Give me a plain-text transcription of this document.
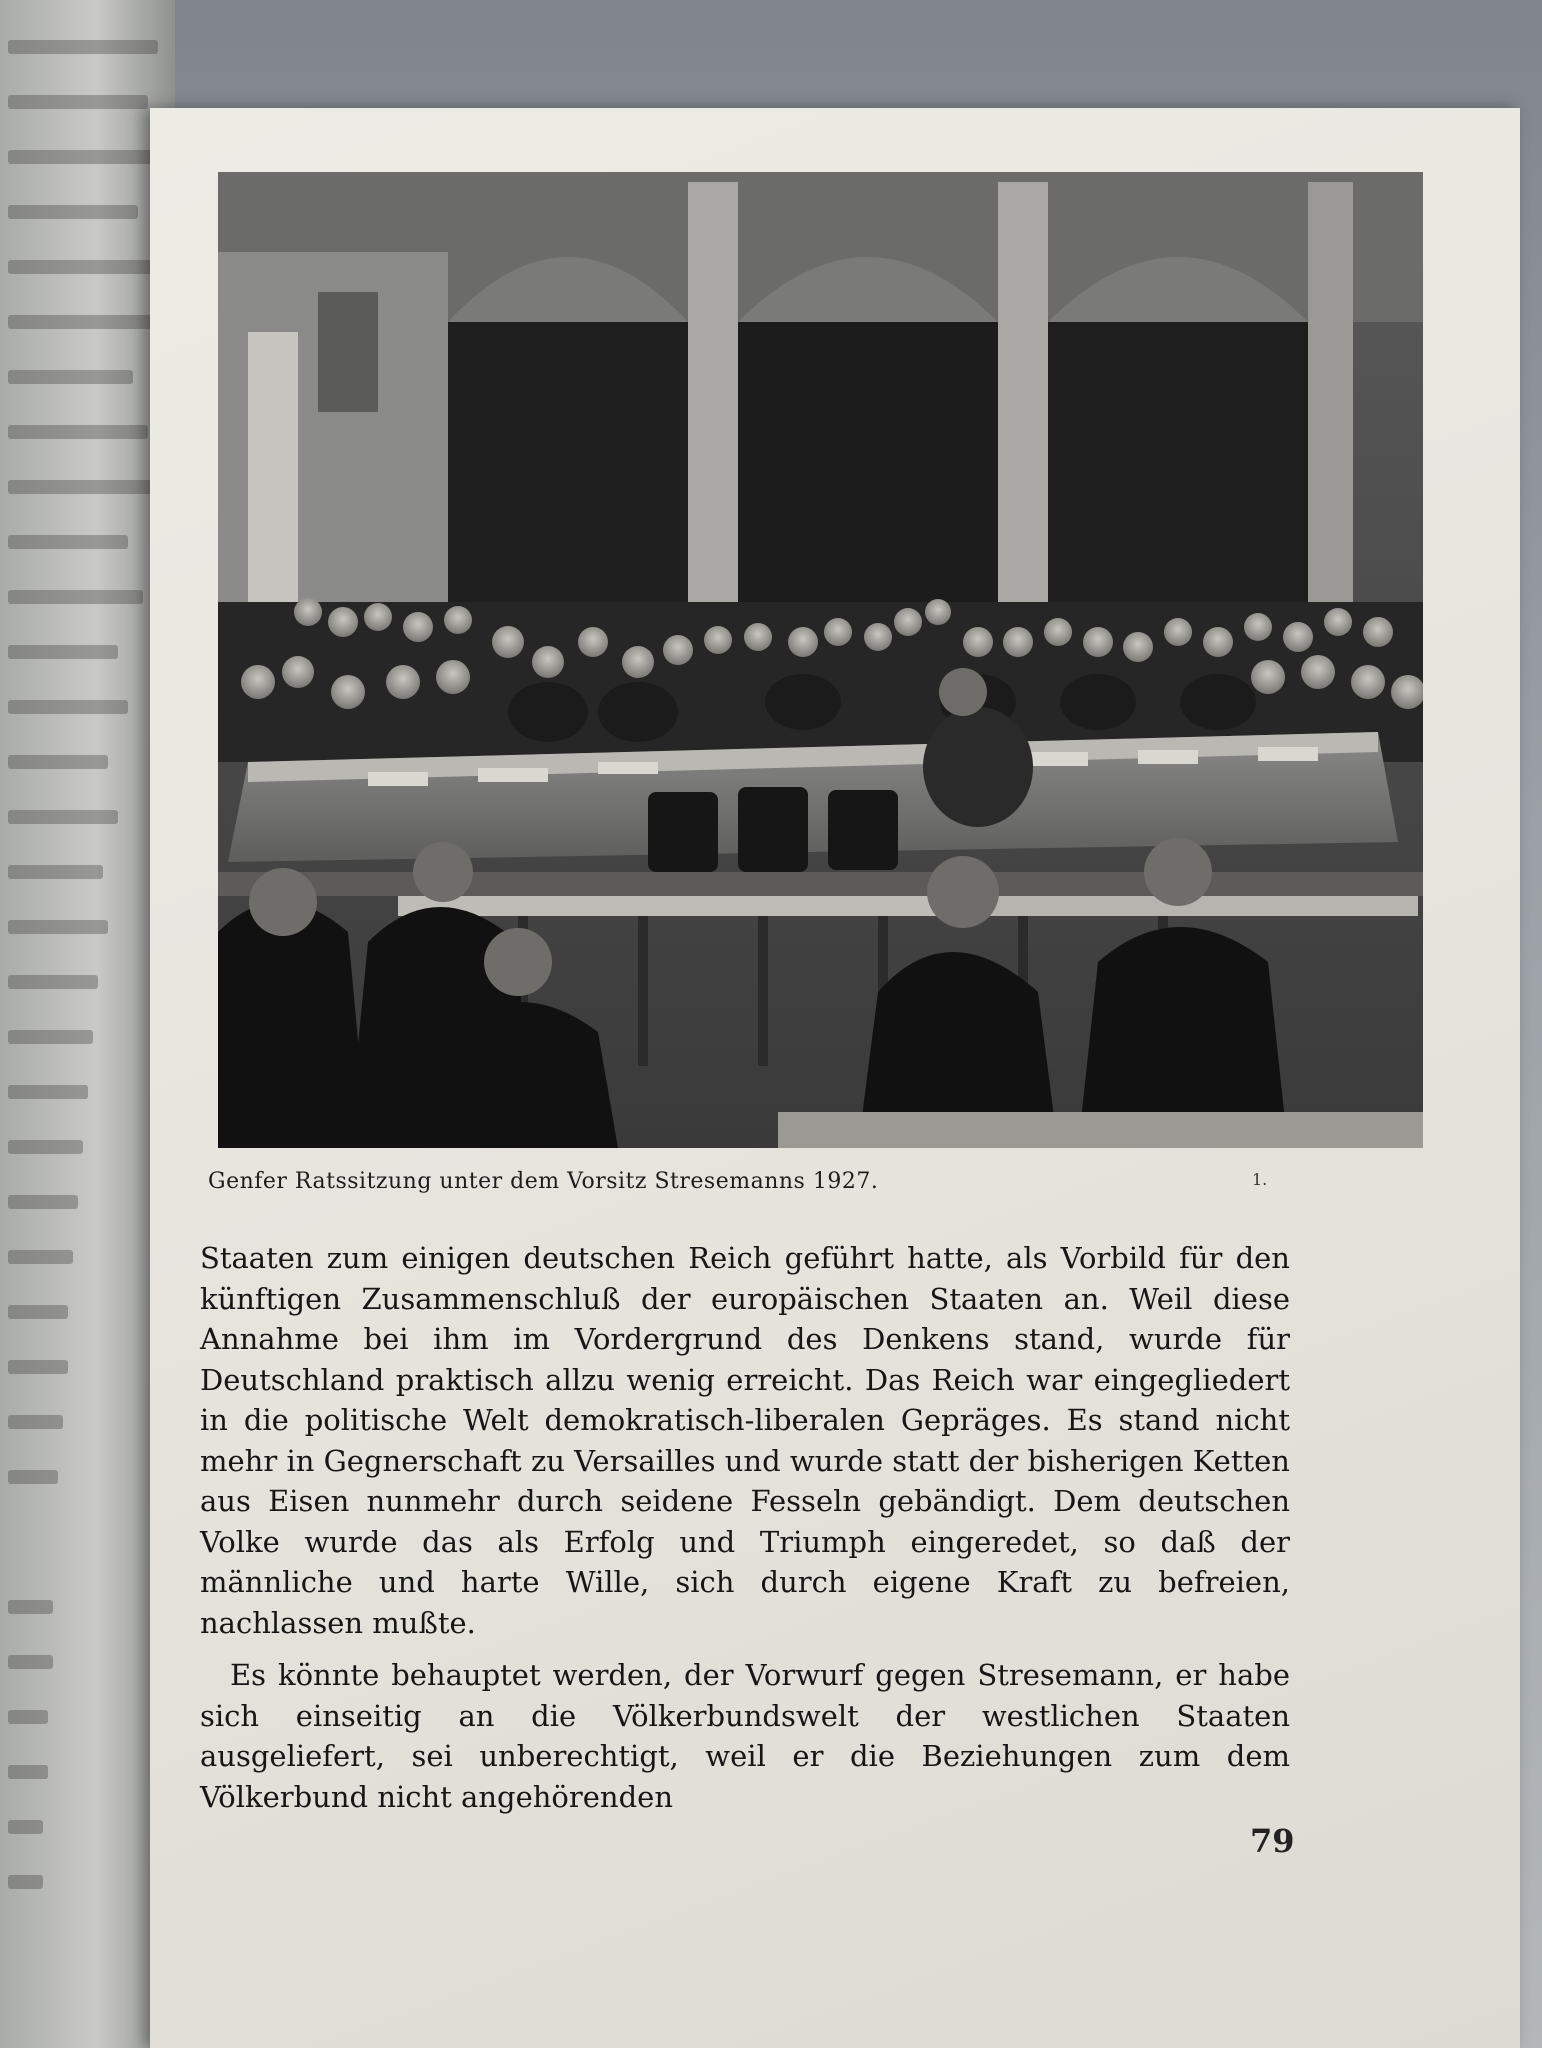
Genfer Ratssitzung unter dem Vorsitz Stresemanns 1927.	1.

Staaten zum einigen deutschen Reich geführt hatte, als Vorbild für den künftigen Zusammenschluß der europäischen Staaten an. Weil diese Annahme bei ihm im Vordergrund des Denkens stand, wurde für Deutschland praktisch allzu wenig erreicht. Das Reich war eingegliedert in die politische Welt demokratisch-liberalen Gepräges. Es stand nicht mehr in Gegnerschaft zu Versailles und wurde statt der bisherigen Ketten aus Eisen nunmehr durch seidene Fesseln gebändigt. Dem deutschen Volke wurde das als Erfolg und Triumph eingeredet, so daß der männliche und harte Wille, sich durch eigene Kraft zu befreien, nachlassen mußte.

Es könnte behauptet werden, der Vorwurf gegen Stresemann, er habe sich einseitig an die Völkerbundswelt der westlichen Staaten ausgeliefert, sei unberechtigt, weil er die Beziehungen zum dem Völkerbund nicht angehörenden

79
